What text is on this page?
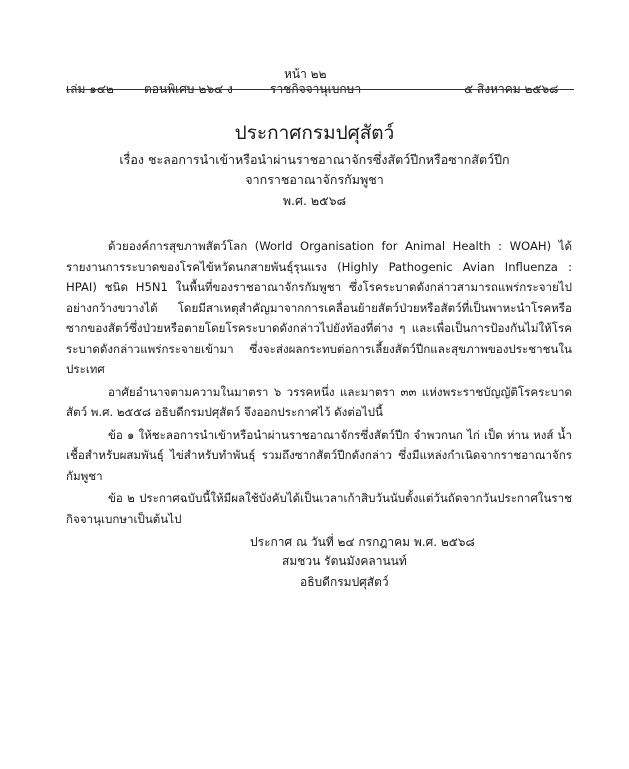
หน้า ๒๒
เล่ม ๑๔๒	ตอนพิเศษ ๒๖๔ ง	ราชกิจจานุเบกษา	๕ สิงหาคม ๒๕๖๘
ประกาศกรมปศุสัตว์
เรื่อง ชะลอการนำเข้าหรือนำผ่านราชอาณาจักรซึ่งสัตว์ปีกหรือซากสัตว์ปีก
จากราชอาณาจักรกัมพูชา
พ.ศ. ๒๕๖๘

ด้วยองค์การสุขภาพสัตว์โลก (World Organisation for Animal Health : WOAH) ได้รายงานการระบาดของโรคไข้หวัดนกสายพันธุ์รุนแรง (Highly Pathogenic Avian Influenza : HPAI) ชนิด H5N1 ในพื้นที่ของราชอาณาจักรกัมพูชา ซึ่งโรคระบาดดังกล่าวสามารถแพร่กระจายไปอย่างกว้างขวางได้ โดยมีสาเหตุสำคัญมาจากการเคลื่อนย้ายสัตว์ป่วยหรือสัตว์ที่เป็นพาหะนำโรคหรือซากของสัตว์ซึ่งป่วยหรือตายโดยโรคระบาดดังกล่าวไปยังท้องที่ต่าง ๆ และเพื่อเป็นการป้องกันไม่ให้โรคระบาดดังกล่าวแพร่กระจายเข้ามา ซึ่งจะส่งผลกระทบต่อการเลี้ยงสัตว์ปีกและสุขภาพของประชาชนในประเทศ

อาศัยอำนาจตามความในมาตรา ๖ วรรคหนึ่ง และมาตรา ๓๓ แห่งพระราชบัญญัติโรคระบาดสัตว์ พ.ศ. ๒๕๕๘ อธิบดีกรมปศุสัตว์ จึงออกประกาศไว้ ดังต่อไปนี้

ข้อ ๑ ให้ชะลอการนำเข้าหรือนำผ่านราชอาณาจักรซึ่งสัตว์ปีก จำพวกนก ไก่ เป็ด ห่าน หงส์ น้ำเชื้อสำหรับผสมพันธุ์ ไข่สำหรับทำพันธุ์ รวมถึงซากสัตว์ปีกดังกล่าว ซึ่งมีแหล่งกำเนิดจากราชอาณาจักรกัมพูชา

ข้อ ๒ ประกาศฉบับนี้ให้มีผลใช้บังคับได้เป็นเวลาเก้าสิบวันนับตั้งแต่วันถัดจากวันประกาศในราชกิจจานุเบกษาเป็นต้นไป

ประกาศ ณ วันที่ ๒๔ กรกฎาคม พ.ศ. ๒๕๖๘
สมชวน รัตนมังคลานนท์
อธิบดีกรมปศุสัตว์
